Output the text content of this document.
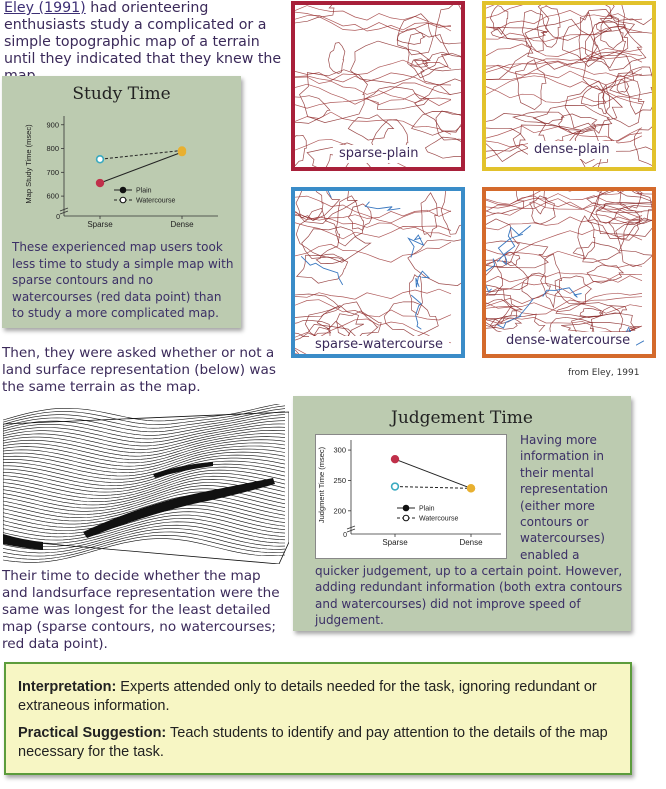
Eley (1991) had orienteering enthusiasts study a complicated or a simple topographic map of a terrain until they indicated that they knew the
Study Time
Map Study Time (msec)
0
600
700
800
900
Sparse	Dense
Plain
Watercourse
These experienced map users took less time to study a simple map with sparse contours and no watercourses (red data point) than to study a more complicated map.
sparse-plain	dense-plain
sparse-watercourse	dense-watercourse
from Eley, 1991
Then, they were asked whether or not a land surface representation (below) was the same terrain as the map.
Their time to decide whether the map and landsurface representation were the same was longest for the least detailed map (sparse contours, no watercourses; red data point).
Judgement Time
Judgment Time (msec)
0
200
250
300
Sparse	Dense
Plain
Watercourse
Having more information in their mental representation (either more contours or watercourses) enabled a
quicker judgement, up to a certain point. However, adding redundant information (both extra contours and watercourses) did not improve speed of judgement.

Interpretation: Experts attended only to details needed for the task, ignoring redundant or extraneous information.

Practical Suggestion: Teach students to identify and pay attention to the details of the map necessary for the task.
